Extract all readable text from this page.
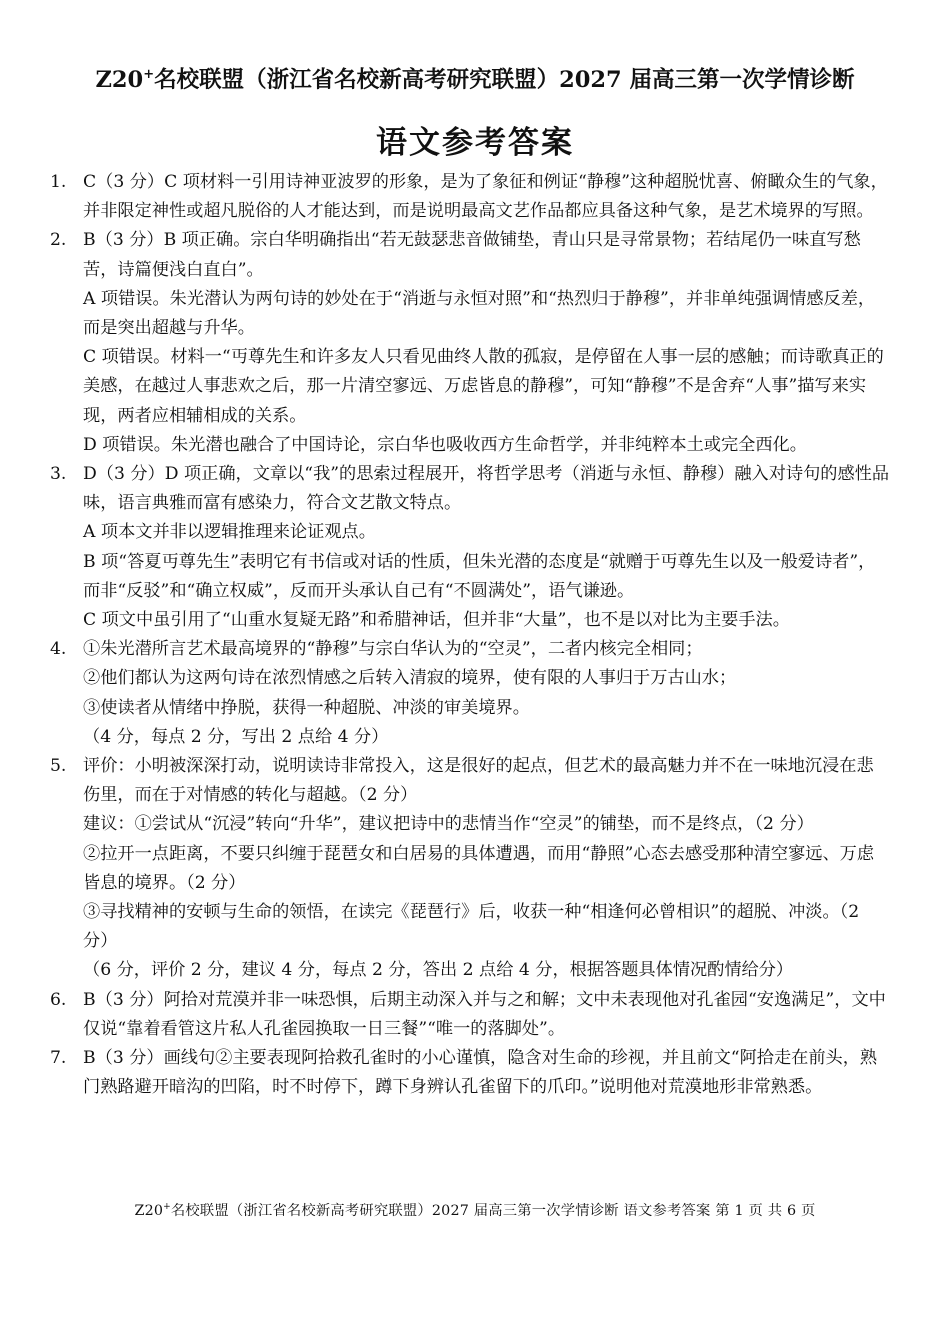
Z20+名校联盟（浙江省名校新高考研究联盟）2027 届高三第一次学情诊断
语文参考答案
1. C（3 分）C 项材料一引用诗神亚波罗的形象，是为了象征和例证“静穆”这种超脱忧喜、俯瞰众生的气象，并非限定神性或超凡脱俗的人才能达到，而是说明最高文艺作品都应具备这种气象，是艺术境界的写照。
2. B（3 分）B 项正确。宗白华明确指出“若无鼓瑟悲音做铺垫，青山只是寻常景物；若结尾仍一味直写愁苦，诗篇便浅白直白”。
A 项错误。朱光潜认为两句诗的妙处在于“消逝与永恒对照”和“热烈归于静穆”，并非单纯强调情感反差，而是突出超越与升华。
C 项错误。材料一“丏尊先生和许多友人只看见曲终人散的孤寂，是停留在人事一层的感触；而诗歌真正的美感，在越过人事悲欢之后，那一片清空寥远、万虑皆息的静穆”，可知“静穆”不是舍弃“人事”描写来实现，两者应相辅相成的关系。
D 项错误。朱光潜也融合了中国诗论，宗白华也吸收西方生命哲学，并非纯粹本土或完全西化。
3. D（3 分）D 项正确，文章以“我”的思索过程展开，将哲学思考（消逝与永恒、静穆）融入对诗句的感性品味，语言典雅而富有感染力，符合文艺散文特点。
A 项本文并非以逻辑推理来论证观点。
B 项“答夏丏尊先生”表明它有书信或对话的性质，但朱光潜的态度是“就赠于丏尊先生以及一般爱诗者”，而非“反驳”和“确立权威”，反而开头承认自己有“不圆满处”，语气谦逊。
C 项文中虽引用了“山重水复疑无路”和希腊神话，但并非“大量”，也不是以对比为主要手法。
4. ①朱光潜所言艺术最高境界的“静穆”与宗白华认为的“空灵”，二者内核完全相同；
②他们都认为这两句诗在浓烈情感之后转入清寂的境界，使有限的人事归于万古山水；
③使读者从情绪中挣脱，获得一种超脱、冲淡的审美境界。
（4 分，每点 2 分，写出 2 点给 4 分）
5. 评价：小明被深深打动，说明读诗非常投入，这是很好的起点，但艺术的最高魅力并不在一味地沉浸在悲伤里，而在于对情感的转化与超越。（2 分）
建议：①尝试从“沉浸”转向“升华”，建议把诗中的悲情当作“空灵”的铺垫，而不是终点，（2 分）
②拉开一点距离，不要只纠缠于琵琶女和白居易的具体遭遇，而用“静照”心态去感受那种清空寥远、万虑皆息的境界。（2 分）
③寻找精神的安顿与生命的领悟，在读完《琵琶行》后，收获一种“相逢何必曾相识”的超脱、冲淡。（2 分）
（6 分，评价 2 分，建议 4 分，每点 2 分，答出 2 点给 4 分，根据答题具体情况酌情给分）
6. B（3 分）阿拾对荒漠并非一味恐惧，后期主动深入并与之和解；文中未表现他对孔雀园“安逸满足”，文中仅说“靠着看管这片私人孔雀园换取一日三餐”“唯一的落脚处”。
7. B（3 分）画线句②主要表现阿拾救孔雀时的小心谨慎，隐含对生命的珍视，并且前文“阿拾走在前头，熟门熟路避开暗沟的凹陷，时不时停下，蹲下身辨认孔雀留下的爪印。”说明他对荒漠地形非常熟悉。
Z20+名校联盟（浙江省名校新高考研究联盟）2027 届高三第一次学情诊断 语文参考答案 第 1 页 共 6 页
